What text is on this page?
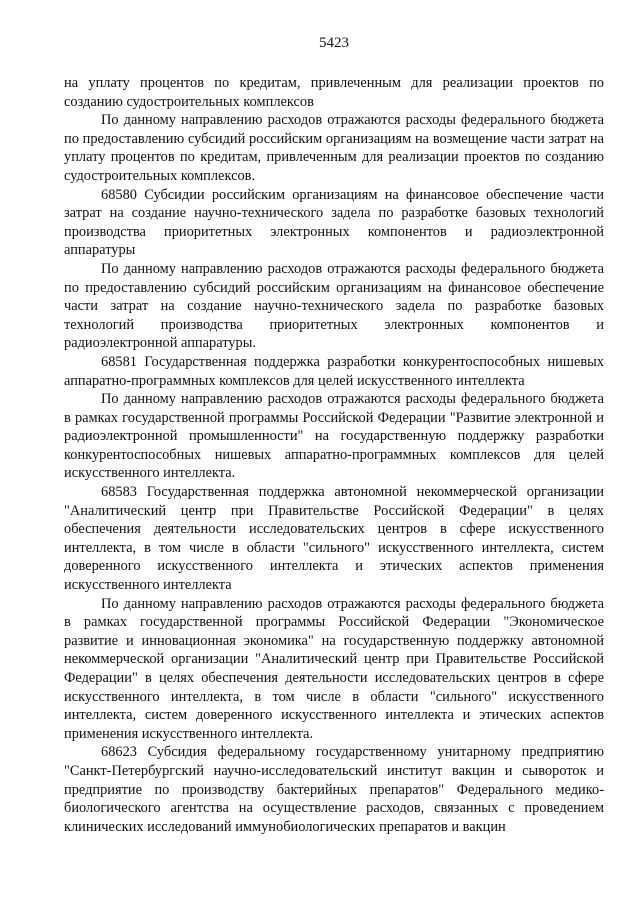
5423

на уплату процентов по кредитам, привлеченным для реализации проектов по созданию судостроительных комплексов

По данному направлению расходов отражаются расходы федерального бюджета по предоставлению субсидий российским организациям на возмещение части затрат на уплату процентов по кредитам, привлеченным для реализации проектов по созданию судостроительных комплексов.

68580 Субсидии российским организациям на финансовое обеспечение части затрат на создание научно-технического задела по разработке базовых технологий производства приоритетных электронных компонентов и радиоэлектронной аппаратуры

По данному направлению расходов отражаются расходы федерального бюджета по предоставлению субсидий российским организациям на финансовое обеспечение части затрат на создание научно-технического задела по разработке базовых технологий производства приоритетных электронных компонентов и радиоэлектронной аппаратуры.

68581 Государственная поддержка разработки конкурентоспособных нишевых аппаратно-программных комплексов для целей искусственного интеллекта

По данному направлению расходов отражаются расходы федерального бюджета в рамках государственной программы Российской Федерации "Развитие электронной и радиоэлектронной промышленности" на государственную поддержку разработки конкурентоспособных нишевых аппаратно-программных комплексов для целей искусственного интеллекта.

68583 Государственная поддержка автономной некоммерческой организации "Аналитический центр при Правительстве Российской Федерации" в целях обеспечения деятельности исследовательских центров в сфере искусственного интеллекта, в том числе в области "сильного" искусственного интеллекта, систем доверенного искусственного интеллекта и этических аспектов применения искусственного интеллекта

По данному направлению расходов отражаются расходы федерального бюджета в рамках государственной программы Российской Федерации "Экономическое развитие и инновационная экономика" на государственную поддержку автономной некоммерческой организации "Аналитический центр при Правительстве Российской Федерации" в целях обеспечения деятельности исследовательских центров в сфере искусственного интеллекта, в том числе в области "сильного" искусственного интеллекта, систем доверенного искусственного интеллекта и этических аспектов применения искусственного интеллекта.

68623 Субсидия федеральному государственному унитарному предприятию "Санкт-Петербургский научно-исследовательский институт вакцин и сывороток и предприятие по производству бактерийных препаратов" Федерального медико-биологического агентства на осуществление расходов, связанных с проведением клинических исследований иммунобиологических препаратов и вакцин
